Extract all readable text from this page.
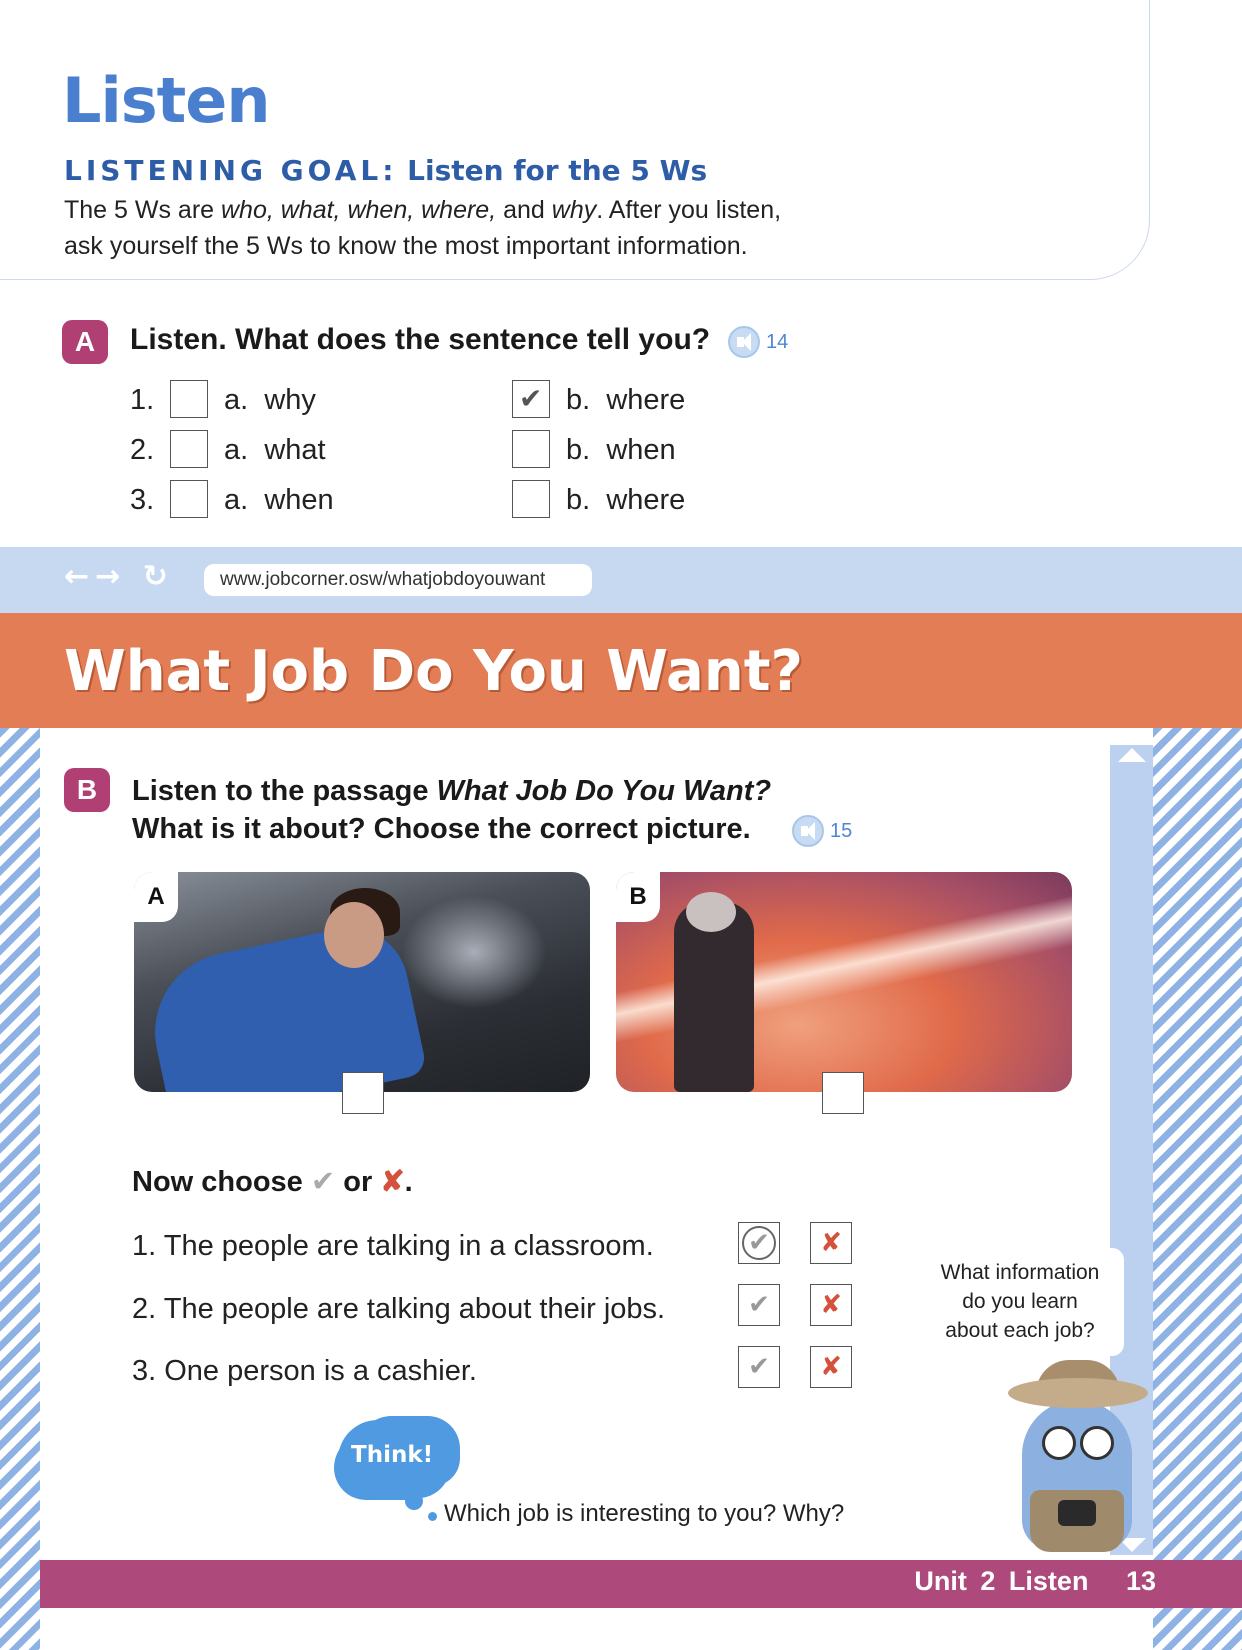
Listen
LISTENING GOAL: Listen for the 5 Ws
The 5 Ws are who, what, when, where, and why. After you listen, ask yourself the 5 Ws to know the most important information.
A	Listen. What does the sentence tell you?	14
1. a. why	✔ b. where
2. a. what	b. when
3. a. when	b. where
←→ ↻	www.jobcorner.osw/whatjobdoyouwant
What Job Do You Want?
B	Listen to the passage What Job Do You Want?
What is it about? Choose the correct picture.	15
A	B
Now choose ✔ or ✘.
1. The people are talking in a classroom.	✔	✘
2. The people are talking about their jobs.	✔	✘
3. One person is a cashier.	✔	✘
Think!
Which job is interesting to you? Why?
What information
do you learn
about each job?
Unit 2 Listen 13
